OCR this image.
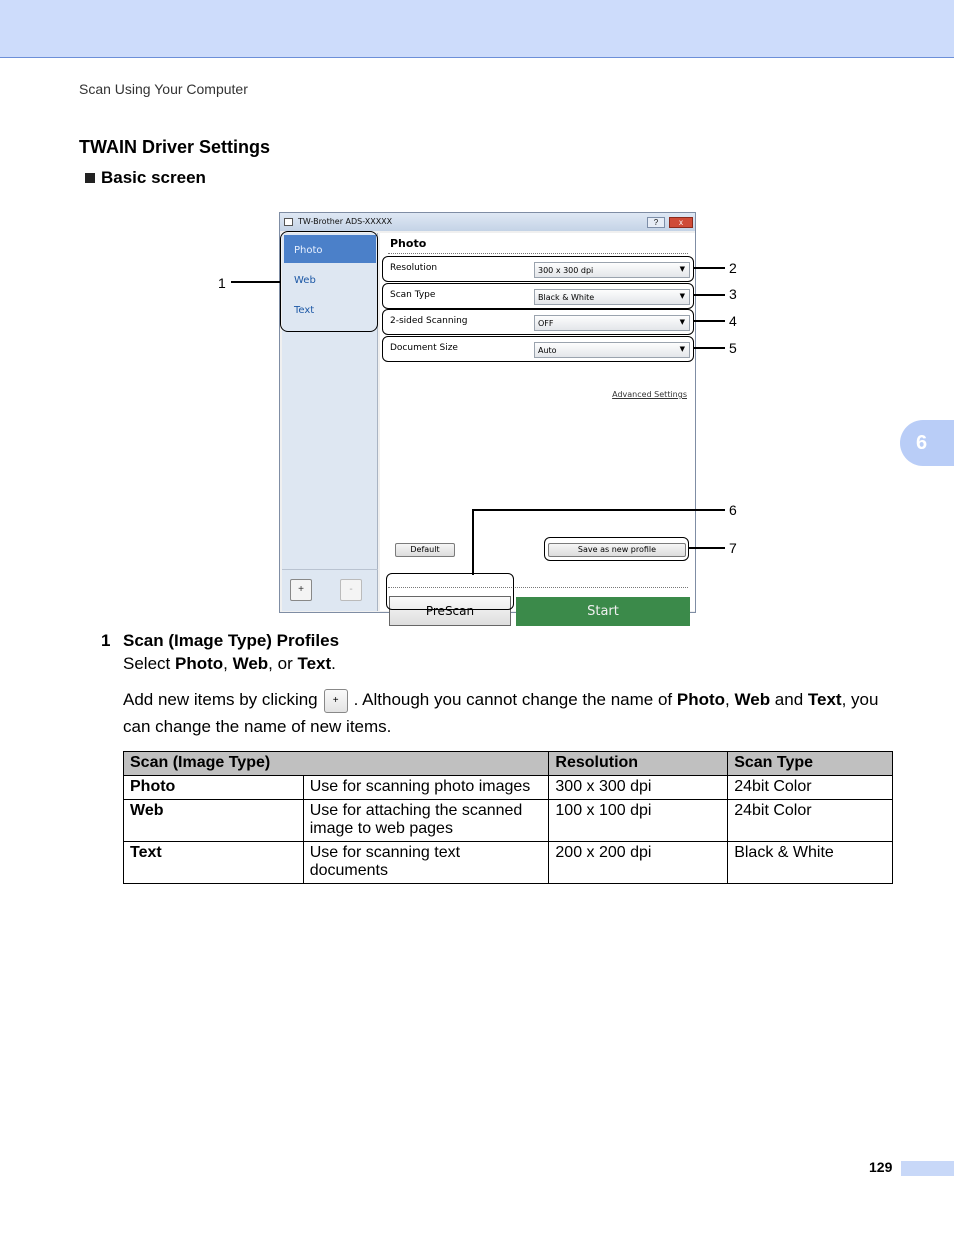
Scan Using Your Computer
TWAIN Driver Settings
Basic screen
6
TW-Brother ADS-XXXXX	?	x
Photo
Web
Text
+	-
Photo
Resolution	300 x 300 dpi	▼
Scan Type	Black & White	▼
2-sided Scanning	OFF	▼
Document Size	Auto	▼
Advanced Settings
Default	Save as new profile
PreScan	Start
1
2
3
4
5
6
7
1 Scan (Image Type) Profiles
Select Photo, Web, or Text.
Add new items by clicking + . Although you cannot change the name of Photo, Web and Text, you can change the name of new items.
Scan (Image Type)		Resolution	Scan Type
Photo	Use for scanning photo images	300 x 300 dpi	24bit Color
Web	Use for attaching the scanned image to web pages	100 x 100 dpi	24bit Color
Text	Use for scanning text documents	200 x 200 dpi	Black & White
129
